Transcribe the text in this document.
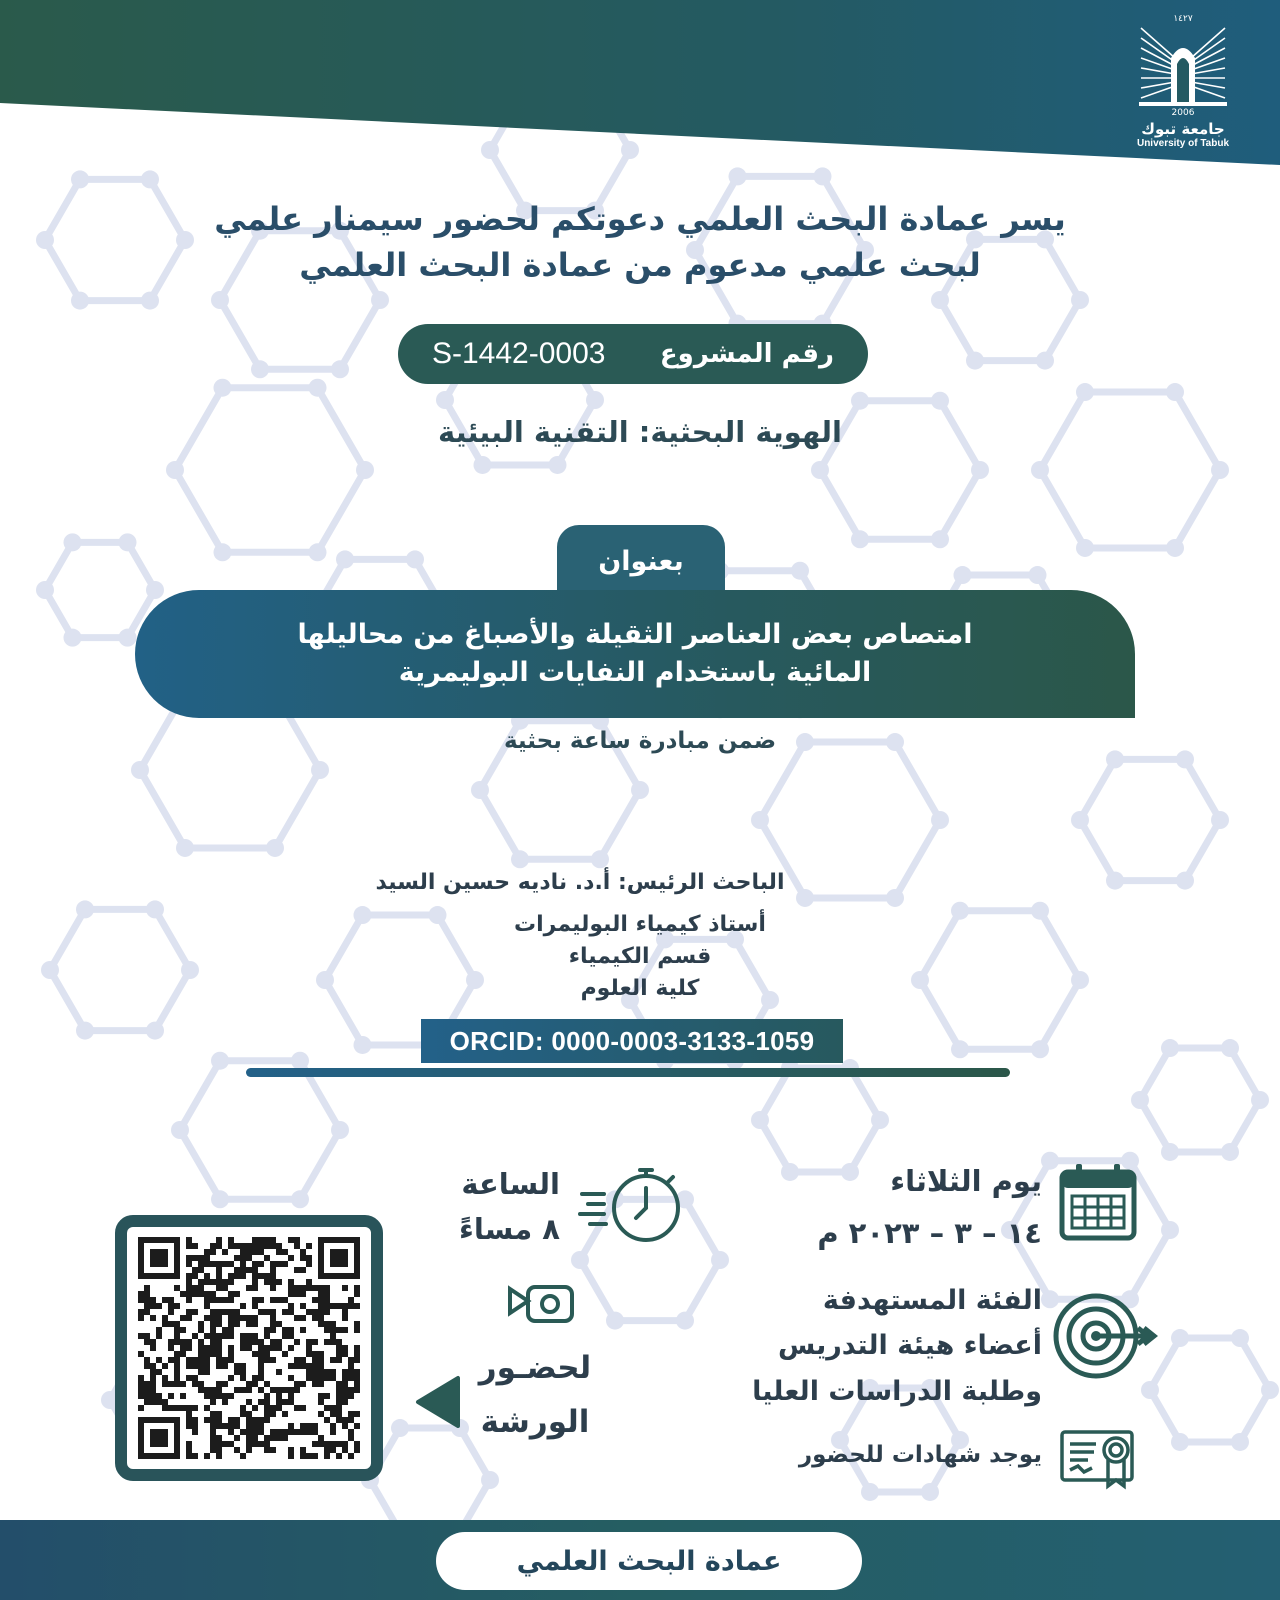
١٤٢٧
2006
جامعة تبوك
University of Tabuk
يسر عمادة البحث العلمي دعوتكم لحضور سيمنار علمي
لبحث علمي مدعوم من عمادة البحث العلمي
رقم المشروع
S-1442-0003
الهوية البحثية: التقنية البيئية
بعنوان
امتصاص بعض العناصر الثقيلة والأصباغ من محاليلها
المائية باستخدام النفايات البوليمرية
ضمن مبادرة ساعة بحثية
الباحث الرئيس: أ.د. ناديه حسين السيد
أستاذ كيمياء البوليمرات
قسم الكيمياء
كلية العلوم
ORCID: 0000-0003-3133-1059
يوم الثلاثاء
١٤ – ٣ – ٢٠٢٣ م
الساعة
٨ مساءً
الفئة المستهدفة
أعضاء هيئة التدريس
وطلبة الدراسات العليا
يوجد شهادات للحضور
لحضـور
الورشة
عمادة البحث العلمي
